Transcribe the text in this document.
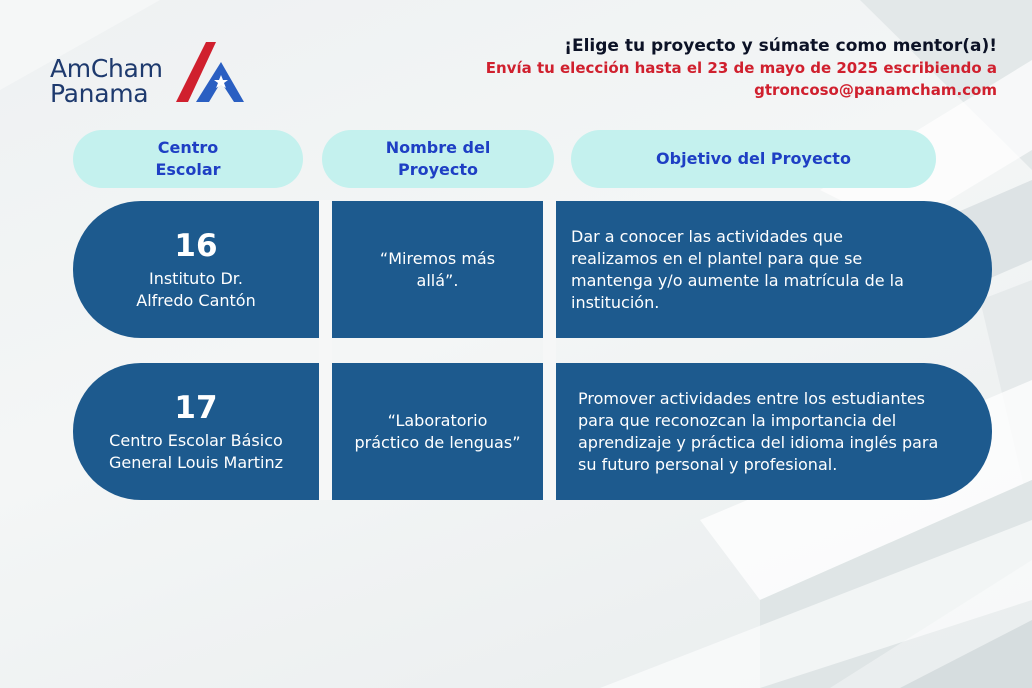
AmCham
Panama
¡Elige tu proyecto y súmate como mentor(a)!
Envía tu elección hasta el 23 de mayo de 2025 escribiendo a
gtroncoso@panamcham.com
Centro
Escolar
Nombre del
Proyecto
Objetivo del Proyecto
16
Instituto Dr.
Alfredo Cantón
“Miremos más
allá”.
Dar a conocer las actividades que
realizamos en el plantel para que se
mantenga y/o aumente la matrícula de la
institución.
17
Centro Escolar Básico
General Louis Martinz
“Laboratorio
práctico de lenguas”
Promover actividades entre los estudiantes
para que reconozcan la importancia del
aprendizaje y práctica del idioma inglés para
su futuro personal y profesional.
